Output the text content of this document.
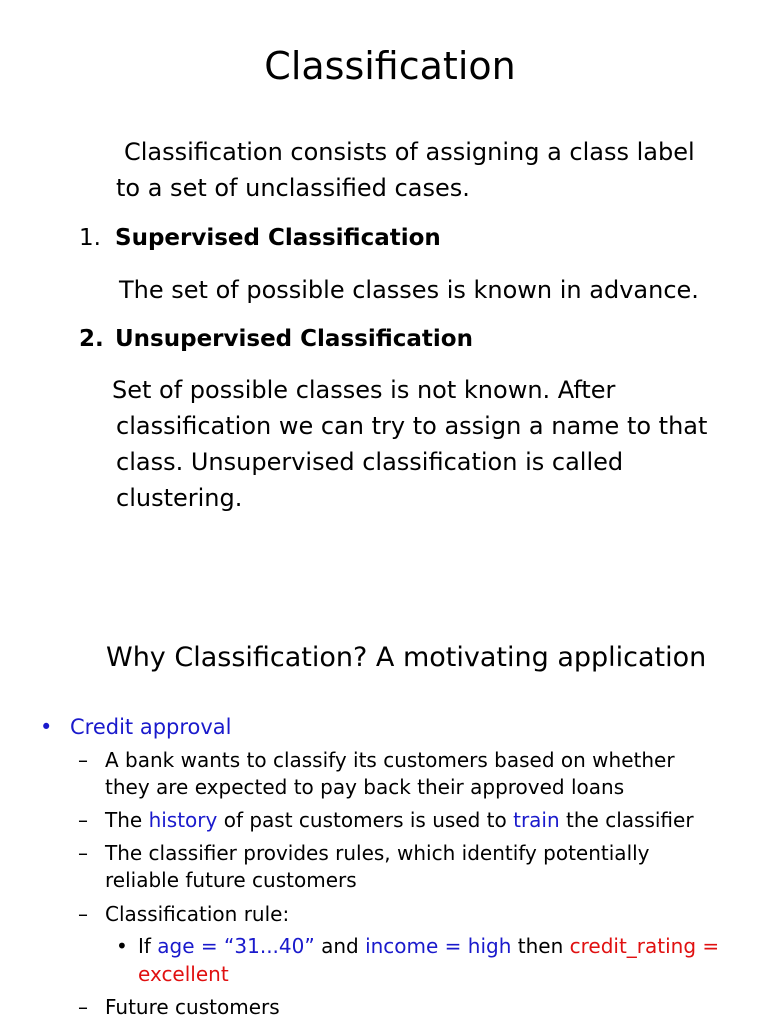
Classification

Classification consists of assigning a class label
to a set of unclassified cases.

1. Supervised Classification

The set of possible classes is known in advance.

2. Unsupervised Classification

Set of possible classes is not known. After
classification we can try to assign a name to that
class. Unsupervised classification is called
clustering.

Why Classification? A motivating application
• Credit approval
– A bank wants to classify its customers based on whether
they are expected to pay back their approved loans
– The history of past customers is used to train the classifier
– The classifier provides rules, which identify potentially
reliable future customers
– Classification rule:
• If age = “31...40” and income = high then credit_rating = excellent
– Future customers
